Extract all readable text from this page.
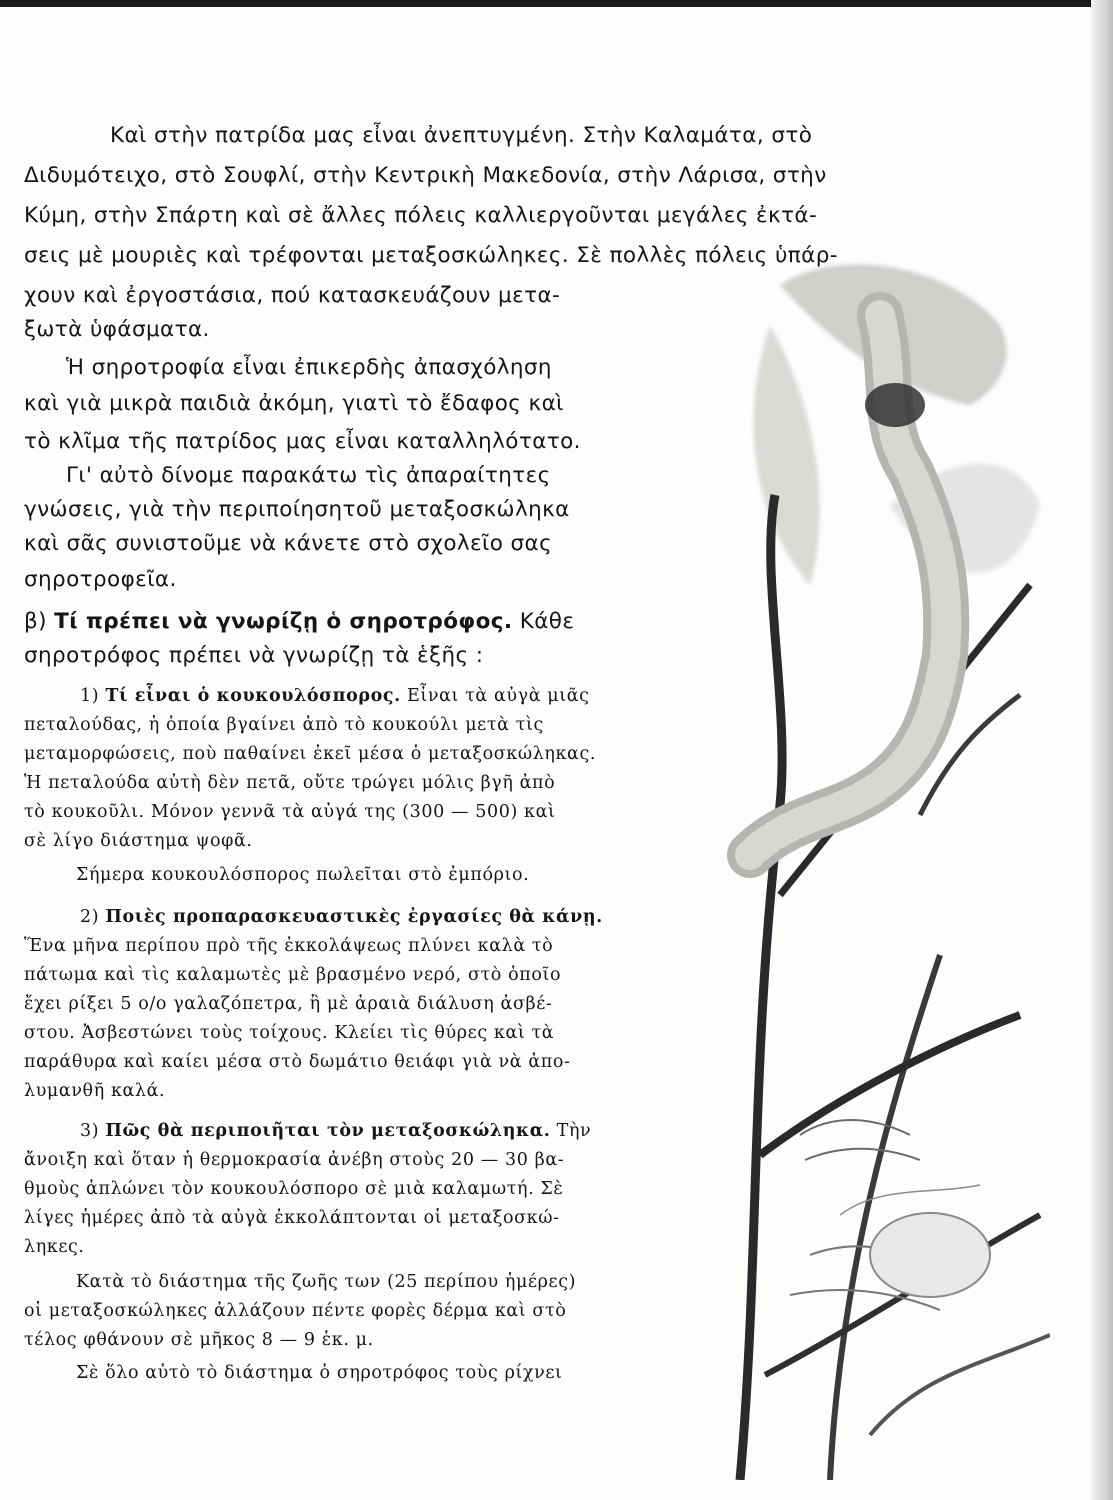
Καὶ στὴν πατρίδα μας εἶναι ἀνεπτυγμένη. Στὴν Καλαμάτα, στὸ
Διδυμότειχο, στὸ Σουφλί, στὴν Κεντρικὴ Μακεδονία, στὴν Λάρισα, στὴν
Κύμη, στὴν Σπάρτη καὶ σὲ ἄλλες πόλεις καλλιεργοῦνται μεγάλες ἐκτά-
σεις μὲ μουριὲς καὶ τρέφονται μεταξοσκώληκες. Σὲ πολλὲς πόλεις ὑπάρ-
χουν καὶ ἐργοστάσια, πού κατασκευάζουν μετα-
ξωτὰ ὑφάσματα.
Ἡ σηροτροφία εἶναι ἐπικερδὴς ἀπασχόληση
καὶ γιὰ μικρὰ παιδιὰ ἀκόμη, γιατὶ τὸ ἔδαφος καὶ
τὸ κλῖμα τῆς πατρίδος μας εἶναι καταλληλότατο.
Γι' αὐτὸ δίνομε παρακάτω τὶς ἀπαραίτητες
γνώσεις, γιὰ τὴν περιποίησητοῦ μεταξοσκώληκα
καὶ σᾶς συνιστοῦμε νὰ κάνετε στὸ σχολεῖο σας
σηροτροφεῖα.
β) Τί πρέπει νὰ γνωρίζῃ ὁ σηροτρόφος. Κάθε
σηροτρόφος πρέπει νὰ γνωρίζῃ τὰ ἑξῆς :
1) Τί εἶναι ὁ κουκουλόσπορος. Εἶναι τὰ αὐγὰ μιᾶς
πεταλούδας, ἡ ὁποία βγαίνει ἀπὸ τὸ κουκούλι μετὰ τὶς
μεταμορφώσεις, ποὺ παθαίνει ἐκεῖ μέσα ὁ μεταξοσκώληκας.
Ἡ πεταλούδα αὐτὴ δὲν πετᾶ, οὔτε τρώγει μόλις βγῆ ἀπὸ
τὸ κουκοῦλι. Μόνον γεννᾶ τὰ αὐγά της (300 — 500) καὶ
σὲ λίγο διάστημα ψοφᾶ.
Σήμερα κουκουλόσπορος πωλεῖται στὸ ἐμπόριο.
2) Ποιὲς προπαρασκευαστικὲς ἐργασίες θὰ κάνῃ.
Ἕνα μῆνα περίπου πρὸ τῆς ἐκκολάψεως πλύνει καλὰ τὸ
πάτωμα καὶ τὶς καλαμωτὲς μὲ βρασμένο νερό, στὸ ὁποῖο
ἔχει ρίξει 5 ο/ο γαλαζόπετρα, ἢ μὲ ἀραιὰ διάλυση ἀσβέ-
στου. Ἀσβεστώνει τοὺς τοίχους. Κλείει τὶς θύρες καὶ τὰ
παράθυρα καὶ καίει μέσα στὸ δωμάτιο θειάφι γιὰ νὰ ἀπο-
λυμανθῆ καλά.
3) Πῶς θὰ περιποιῆται τὸν μεταξοσκώληκα. Τὴν
ἄνοιξη καὶ ὅταν ἡ θερμοκρασία ἀνέβη στοὺς 20 — 30 βα-
θμοὺς ἁπλώνει τὸν κουκουλόσπορο σὲ μιὰ καλαμωτή. Σὲ
λίγες ἡμέρες ἀπὸ τὰ αὐγὰ ἐκκολάπτονται οἱ μεταξοσκώ-
ληκες.
Κατὰ τὸ διάστημα τῆς ζωῆς των (25 περίπου ἡμέρες)
οἱ μεταξοσκώληκες ἀλλάζουν πέντε φορὲς δέρμα καὶ στὸ
τέλος φθάνουν σὲ μῆκος 8 — 9 ἑκ. μ.
Σὲ ὅλο αὐτὸ τὸ διάστημα ὁ σηροτρόφος τοὺς ρίχνει
